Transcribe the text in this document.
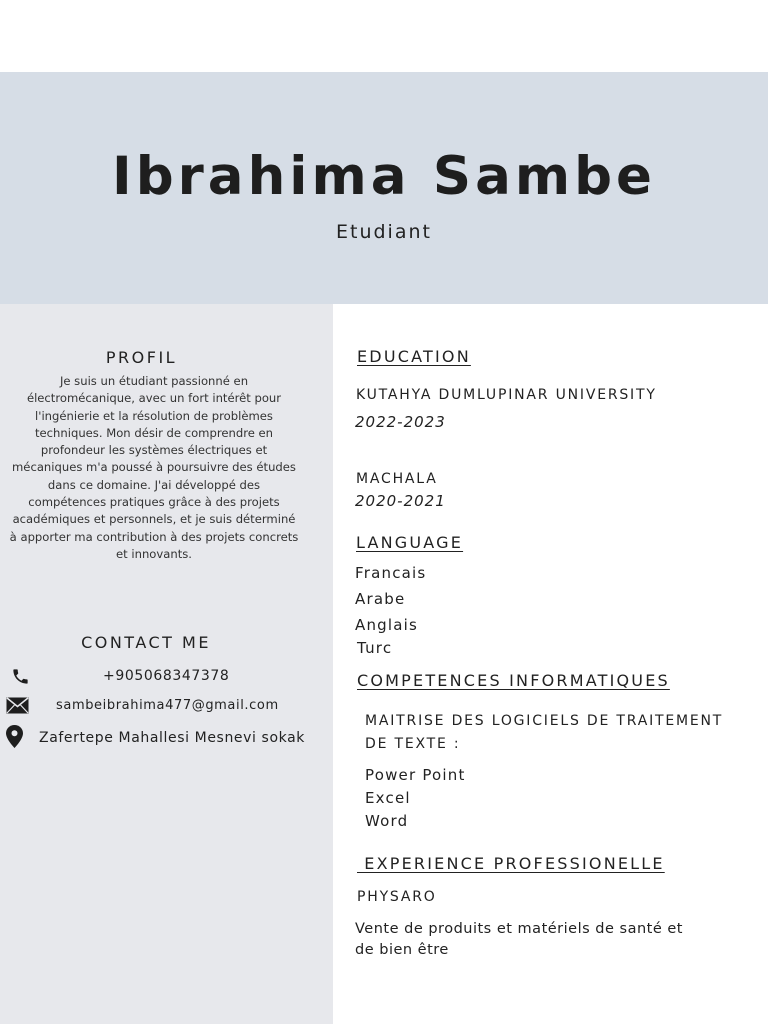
Ibrahima Sambe
Etudiant
PROFIL
Je suis un étudiant passionné en électromécanique, avec un fort intérêt pour l'ingénierie et la résolution de problèmes techniques. Mon désir de comprendre en profondeur les systèmes électriques et mécaniques m'a poussé à poursuivre des études dans ce domaine. J'ai développé des compétences pratiques grâce à des projets académiques et personnels, et je suis déterminé à apporter ma contribution à des projets concrets et innovants.
CONTACT ME
+905068347378
sambeibrahima477@gmail.com
Zafertepe Mahallesi Mesnevi sokak
EDUCATION
KUTAHYA DUMLUPINAR UNIVERSITY
2022-2023
MACHALA
2020-2021
LANGUAGE
Francais
Arabe
Anglais
Turc
COMPETENCES INFORMATIQUES
MAITRISE DES LOGICIELS DE TRAITEMENT
DE TEXTE :
Power Point
Excel
Word
EXPERIENCE PROFESSIONELLE
PHYSARO
Vente de produits et matériels de santé et de bien être
